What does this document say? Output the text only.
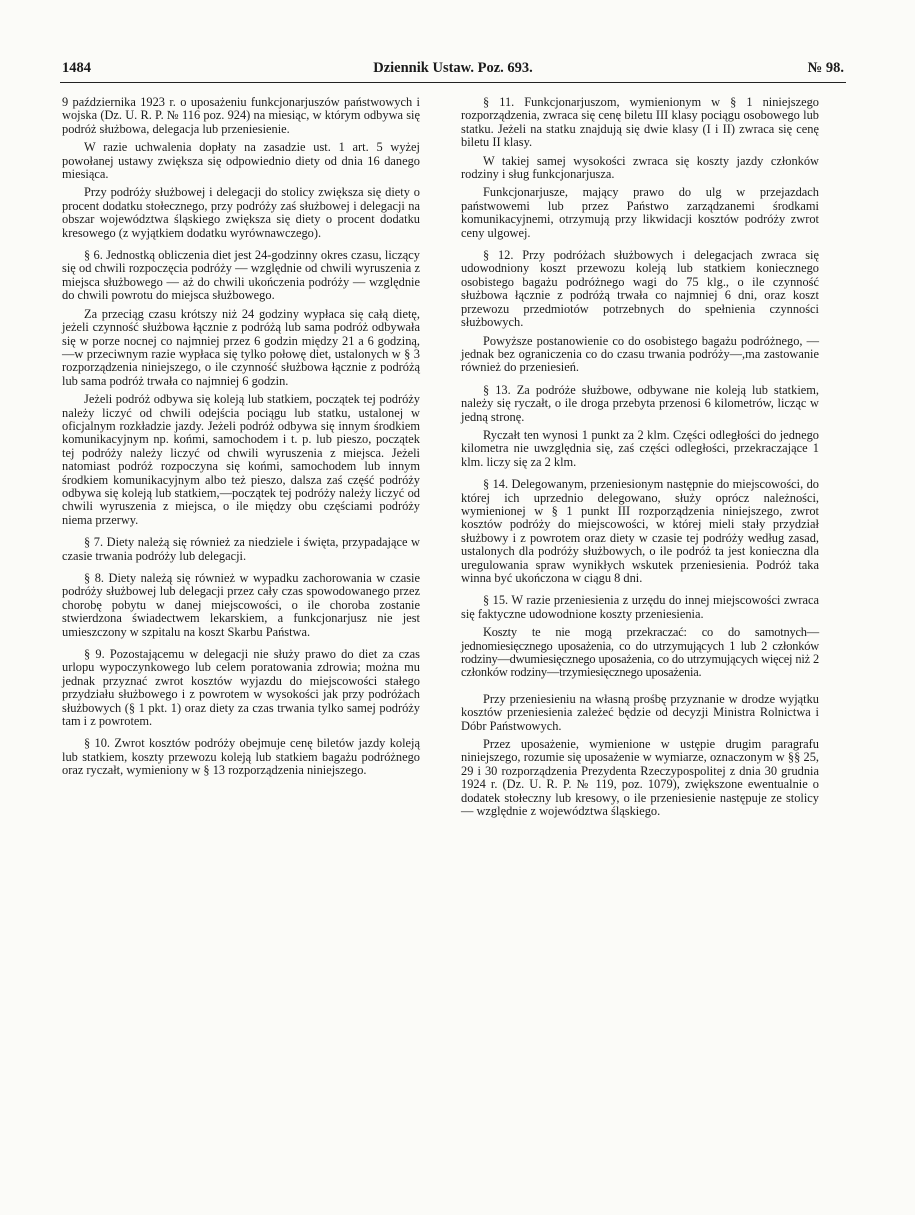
1484	Dziennik Ustaw. Poz. 693.	№ 98.

9 października 1923 r. o uposażeniu funkcjonarjuszów państwowych i wojska (Dz. U. R. P. № 116 poz. 924) na miesiąc, w którym odbywa się podróż służbowa, delegacja lub przeniesienie.

W razie uchwalenia dopłaty na zasadzie ust. 1 art. 5 wyżej powołanej ustawy zwiększa się odpowiednio diety od dnia 16 danego miesiąca.

Przy podróży służbowej i delegacji do stolicy zwiększa się diety o procent dodatku stołecznego, przy podróży zaś służbowej i delegacji na obszar województwa śląskiego zwiększa się diety o procent dodatku kresowego (z wyjątkiem dodatku wyrównawczego).

§ 6. Jednostką obliczenia diet jest 24-godzinny okres czasu, liczący się od chwili rozpoczęcia podróży — względnie od chwili wyruszenia z miejsca służbowego — aż do chwili ukończenia podróży — względnie do chwili powrotu do miejsca służbowego.

Za przeciąg czasu krótszy niż 24 godziny wypłaca się całą dietę, jeżeli czynność służbowa łącznie z podróżą lub sama podróż odbywała się w porze nocnej co najmniej przez 6 godzin między 21 a 6 godziną,—w przeciwnym razie wypłaca się tylko połowę diet, ustalonych w § 3 rozporządzenia niniejszego, o ile czynność służbowa łącznie z podróżą lub sama podróż trwała co najmniej 6 godzin.

Jeżeli podróż odbywa się koleją lub statkiem, początek tej podróży należy liczyć od chwili odejścia pociągu lub statku, ustalonej w oficjalnym rozkładzie jazdy. Jeżeli podróż odbywa się innym środkiem komunikacyjnym np. końmi, samochodem i t. p. lub pieszo, początek tej podróży należy liczyć od chwili wyruszenia z miejsca. Jeżeli natomiast podróż rozpoczyna się końmi, samochodem lub innym środkiem komunikacyjnym albo też pieszo, dalsza zaś część podróży odbywa się koleją lub statkiem,—początek tej podróży należy liczyć od chwili wyruszenia z miejsca, o ile między obu częściami podróży niema przerwy.

§ 7. Diety należą się również za niedziele i święta, przypadające w czasie trwania podróży lub delegacji.

§ 8. Diety należą się również w wypadku zachorowania w czasie podróży służbowej lub delegacji przez cały czas spowodowanego przez chorobę pobytu w danej miejscowości, o ile choroba zostanie stwierdzona świadectwem lekarskiem, a funkcjonarjusz nie jest umieszczony w szpitalu na koszt Skarbu Państwa.

§ 9. Pozostającemu w delegacji nie służy prawo do diet za czas urlopu wypoczynkowego lub celem poratowania zdrowia; można mu jednak przyznać zwrot kosztów wyjazdu do miejscowości stałego przydziału służbowego i z powrotem w wysokości jak przy podróżach służbowych (§ 1 pkt. 1) oraz diety za czas trwania tylko samej podróży tam i z powrotem.

§ 10. Zwrot kosztów podróży obejmuje cenę biletów jazdy koleją lub statkiem, koszty przewozu koleją lub statkiem bagażu podróżnego oraz ryczałt, wymieniony w § 13 rozporządzenia niniejszego.

§ 11. Funkcjonarjuszom, wymienionym w § 1 niniejszego rozporządzenia, zwraca się cenę biletu III klasy pociągu osobowego lub statku. Jeżeli na statku znajdują się dwie klasy (I i II) zwraca się cenę biletu II klasy.

W takiej samej wysokości zwraca się koszty jazdy członków rodziny i sług funkcjonarjusza.

Funkcjonarjusze, mający prawo do ulg w przejazdach państwowemi lub przez Państwo zarządzanemi środkami komunikacyjnemi, otrzymują przy likwidacji kosztów podróży zwrot ceny ulgowej.

§ 12. Przy podróżach służbowych i delegacjach zwraca się udowodniony koszt przewozu koleją lub statkiem koniecznego osobistego bagażu podróżnego wagi do 75 klg., o ile czynność służbowa łącznie z podróżą trwała co najmniej 6 dni, oraz koszt przewozu przedmiotów potrzebnych do spełnienia czynności służbowych.

Powyższe postanowienie co do osobistego bagażu podróżnego, — jednak bez ograniczenia co do czasu trwania podróży—,ma zastowanie również do przeniesień.

§ 13. Za podróże służbowe, odbywane nie koleją lub statkiem, należy się ryczałt, o ile droga przebyta przenosi 6 kilometrów, licząc w jedną stronę.

Ryczałt ten wynosi 1 punkt za 2 klm. Części odległości do jednego kilometra nie uwzględnia się, zaś części odległości, przekraczające 1 klm. liczy się za 2 klm.

§ 14. Delegowanym, przeniesionym następnie do miejscowości, do której ich uprzednio delegowano, służy oprócz należności, wymienionej w § 1 punkt III rozporządzenia niniejszego, zwrot kosztów podróży do miejscowości, w której mieli stały przydział służbowy i z powrotem oraz diety w czasie tej podróży według zasad, ustalonych dla podróży służbowych, o ile podróż ta jest konieczna dla uregulowania spraw wynikłych wskutek przeniesienia. Podróż taka winna być ukończona w ciągu 8 dni.

§ 15. W razie przeniesienia z urzędu do innej miejscowości zwraca się faktyczne udowodnione koszty przeniesienia.

Koszty te nie mogą przekraczać: co do samotnych—jednomiesięcznego uposażenia, co do utrzymujących 1 lub 2 członków rodziny—dwumiesięcznego uposażenia, co do utrzymujących więcej niż 2 członków rodziny—trzymiesięcznego uposażenia.

Przy przeniesieniu na własną prośbę przyznanie w drodze wyjątku kosztów przeniesienia zależeć będzie od decyzji Ministra Rolnictwa i Dóbr Państwowych.

Przez uposażenie, wymienione w ustępie drugim paragrafu niniejszego, rozumie się uposażenie w wymiarze, oznaczonym w §§ 25, 29 i 30 rozporządzenia Prezydenta Rzeczypospolitej z dnia 30 grudnia 1924 r. (Dz. U. R. P. № 119, poz. 1079), zwiększone ewentualnie o dodatek stołeczny lub kresowy, o ile przeniesienie następuje ze stolicy — względnie z województwa śląskiego.
